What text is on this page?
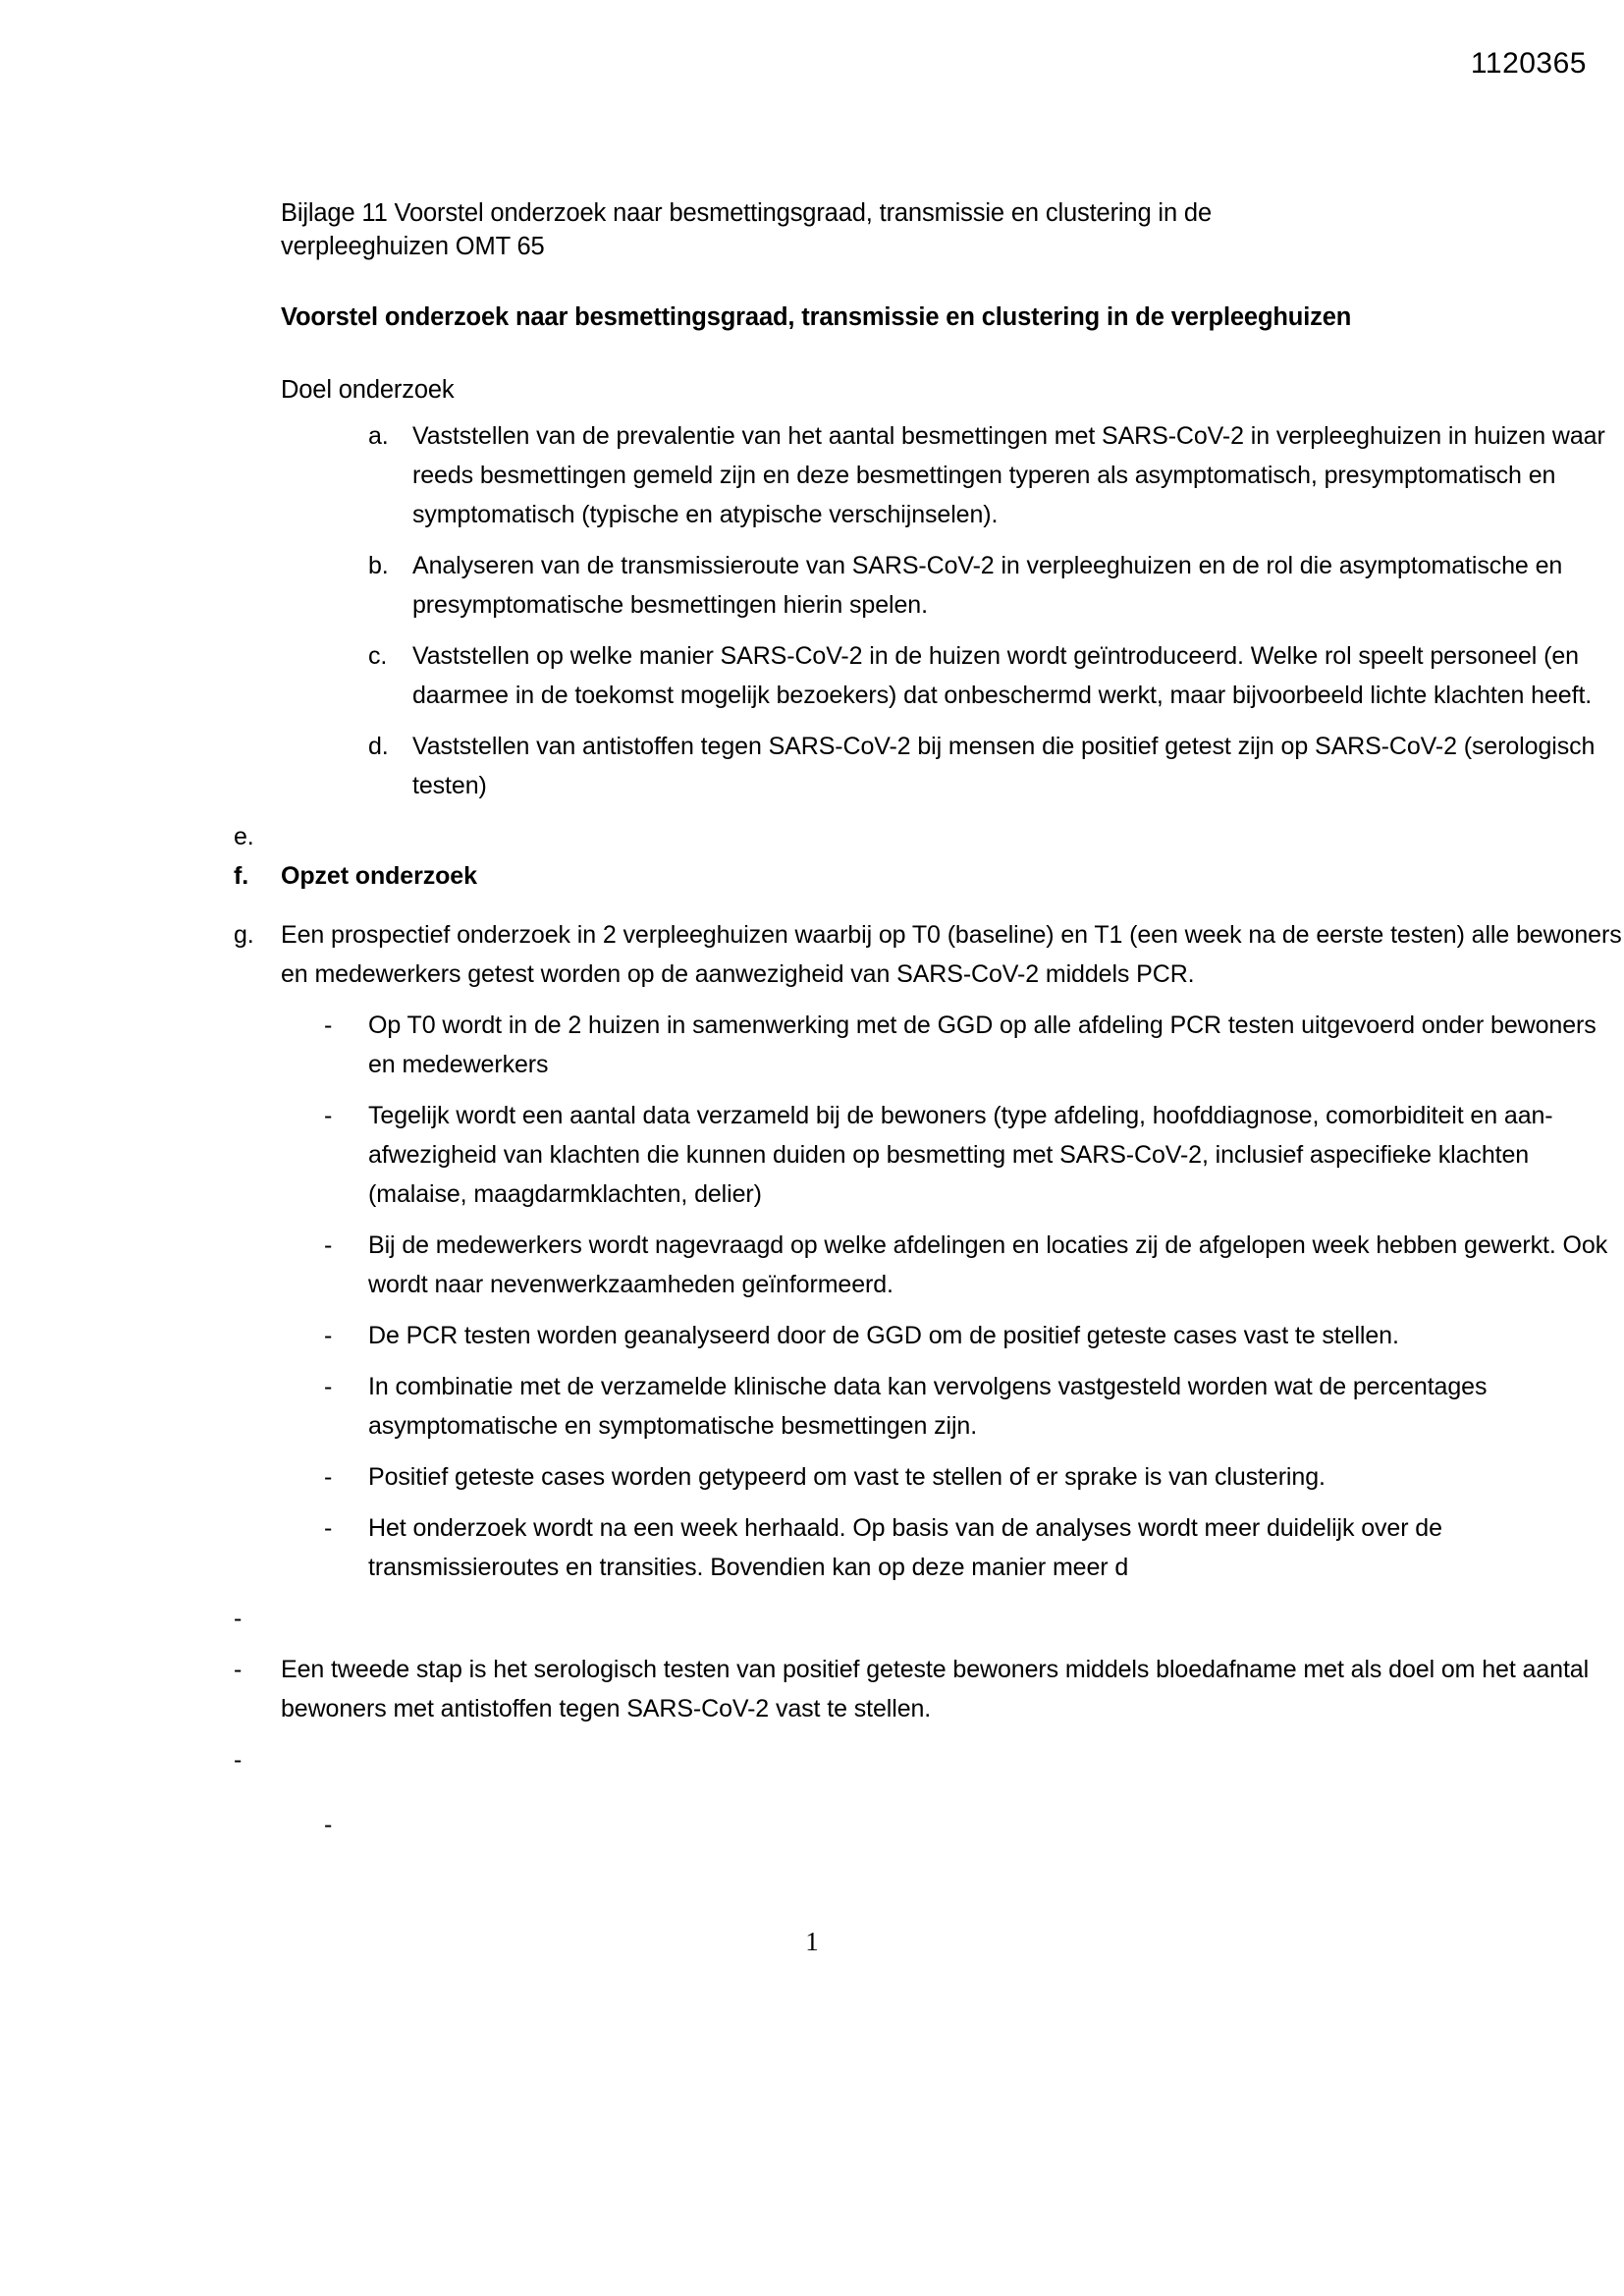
1120365
Bijlage 11 Voorstel onderzoek naar besmettingsgraad, transmissie en clustering in de verpleeghuizen OMT 65
Voorstel onderzoek naar besmettingsgraad, transmissie en clustering in de verpleeghuizen
Doel onderzoek
a. Vaststellen van de prevalentie van het aantal besmettingen met SARS-CoV-2 in verpleeghuizen in huizen waar reeds besmettingen gemeld zijn en deze besmettingen typeren als asymptomatisch, presymptomatisch en symptomatisch (typische en atypische verschijnselen).
b. Analyseren van de transmissieroute van SARS-CoV-2 in verpleeghuizen en de rol die asymptomatische en presymptomatische besmettingen hierin spelen.
c.	Vaststellen op welke manier SARS-CoV-2 in de huizen wordt geïntroduceerd. Welke rol speelt personeel (en daarmee in de toekomst mogelijk bezoekers) dat onbeschermd werkt, maar bijvoorbeeld lichte klachten heeft.
d. Vaststellen van antistoffen tegen SARS-CoV-2 bij mensen die positief getest zijn op SARS-CoV-2 (serologisch testen)
e.
f.	Opzet onderzoek
g.	Een prospectief onderzoek in 2 verpleeghuizen waarbij op T0 (baseline) en T1 (een week na de eerste testen) alle bewoners en medewerkers getest worden op de aanwezigheid van SARS-CoV-2 middels PCR.
-	Op T0 wordt in de 2 huizen in samenwerking met de GGD op alle afdeling PCR testen uitgevoerd onder bewoners en medewerkers
-	Tegelijk wordt een aantal data verzameld bij de bewoners (type afdeling, hoofddiagnose, comorbiditeit en aan- afwezigheid van klachten die kunnen duiden op besmetting met SARS-CoV-2, inclusief aspecifieke klachten (malaise, maagdarmklachten, delier)
-	Bij de medewerkers wordt nagevraagd op welke afdelingen en locaties zij de afgelopen week hebben gewerkt. Ook wordt naar nevenwerkzaamheden geïnformeerd.
-	De PCR testen worden geanalyseerd door de GGD om de positief geteste cases vast te stellen.
-	In combinatie met de verzamelde klinische data kan vervolgens vastgesteld worden wat de percentages asymptomatische en symptomatische besmettingen zijn.
-	Positief geteste cases worden getypeerd om vast te stellen of er sprake is van clustering.
-	Het onderzoek wordt na een week herhaald. Op basis van de analyses wordt meer duidelijk over de transmissieroutes en transities. Bovendien kan op deze manier meer d
-
-	Een tweede stap is het serologisch testen van positief geteste bewoners middels bloedafname met als doel om het aantal bewoners met antistoffen tegen SARS-CoV-2 vast te stellen.
-
-
1
